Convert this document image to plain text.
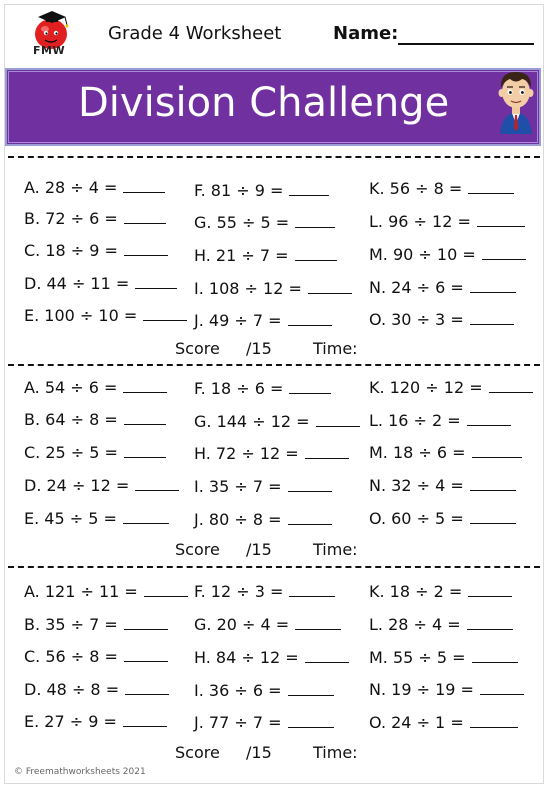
FMW
Grade 4 Worksheet	Name:
Division Challenge
A. 28 ÷ 4 =	F. 81 ÷ 9 =	K. 56 ÷ 8 =
B. 72 ÷ 6 =	G. 55 ÷ 5 =	L. 96 ÷ 12 =
C. 18 ÷ 9 =	H. 21 ÷ 7 =	M. 90 ÷ 10 =
D. 44 ÷ 11 =	I. 108 ÷ 12 =	N. 24 ÷ 6 =
E. 100 ÷ 10 =	J. 49 ÷ 7 =	O. 30 ÷ 3 =
Score /15	Time:
A. 54 ÷ 6 =	F. 18 ÷ 6 =	K. 120 ÷ 12 =
B. 64 ÷ 8 =	G. 144 ÷ 12 =	L. 16 ÷ 2 =
C. 25 ÷ 5 =	H. 72 ÷ 12 =	M. 18 ÷ 6 =
D. 24 ÷ 12 =	I. 35 ÷ 7 =	N. 32 ÷ 4 =
E. 45 ÷ 5 =	J. 80 ÷ 8 =	O. 60 ÷ 5 =
Score /15	Time:
A. 121 ÷ 11 =	F. 12 ÷ 3 =	K. 18 ÷ 2 =
B. 35 ÷ 7 =	G. 20 ÷ 4 =	L. 28 ÷ 4 =
C. 56 ÷ 8 =	H. 84 ÷ 12 =	M. 55 ÷ 5 =
D. 48 ÷ 8 =	I. 36 ÷ 6 =	N. 19 ÷ 19 =
E. 27 ÷ 9 =	J. 77 ÷ 7 =	O. 24 ÷ 1 =
Score /15	Time:
© Freemathworksheets 2021
